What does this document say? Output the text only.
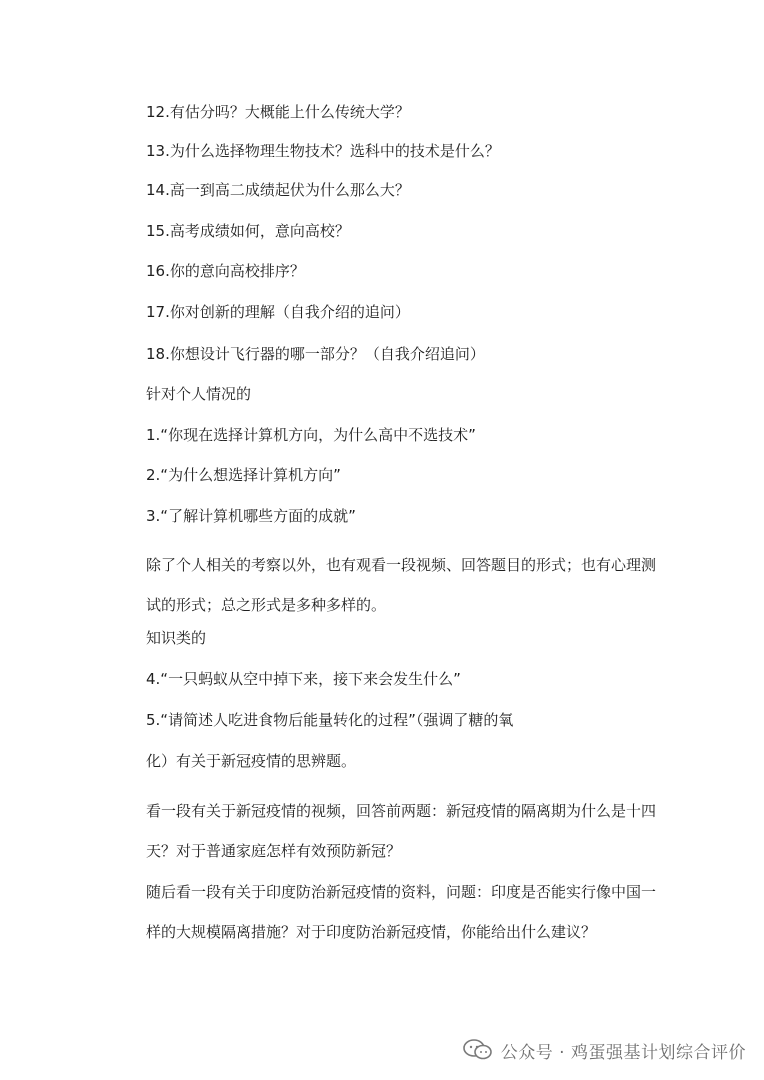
12.有估分吗？大概能上什么传统大学？
13.为什么选择物理生物技术？选科中的技术是什么？
14.高一到高二成绩起伏为什么那么大？
15.高考成绩如何，意向高校？
16.你的意向高校排序？
17.你对创新的理解（自我介绍的追问）
18.你想设计飞行器的哪一部分？（自我介绍追问）
针对个人情况的
1.“你现在选择计算机方向，为什么高中不选技术”
2.“为什么想选择计算机方向”
3.“了解计算机哪些方面的成就”
除了个人相关的考察以外，也有观看一段视频、回答题目的形式；也有心理测试的形式；总之形式是多种多样的。
知识类的
4.“一只蚂蚁从空中掉下来，接下来会发生什么”
5.“请简述人吃进食物后能量转化的过程”（强调了糖的氧
化）有关于新冠疫情的思辨题。
看一段有关于新冠疫情的视频，回答前两题：新冠疫情的隔离期为什么是十四天？对于普通家庭怎样有效预防新冠？
随后看一段有关于印度防治新冠疫情的资料，问题：印度是否能实行像中国一样的大规模隔离措施？对于印度防治新冠疫情，你能给出什么建议？
公众号 · 鸡蛋强基计划综合评价
